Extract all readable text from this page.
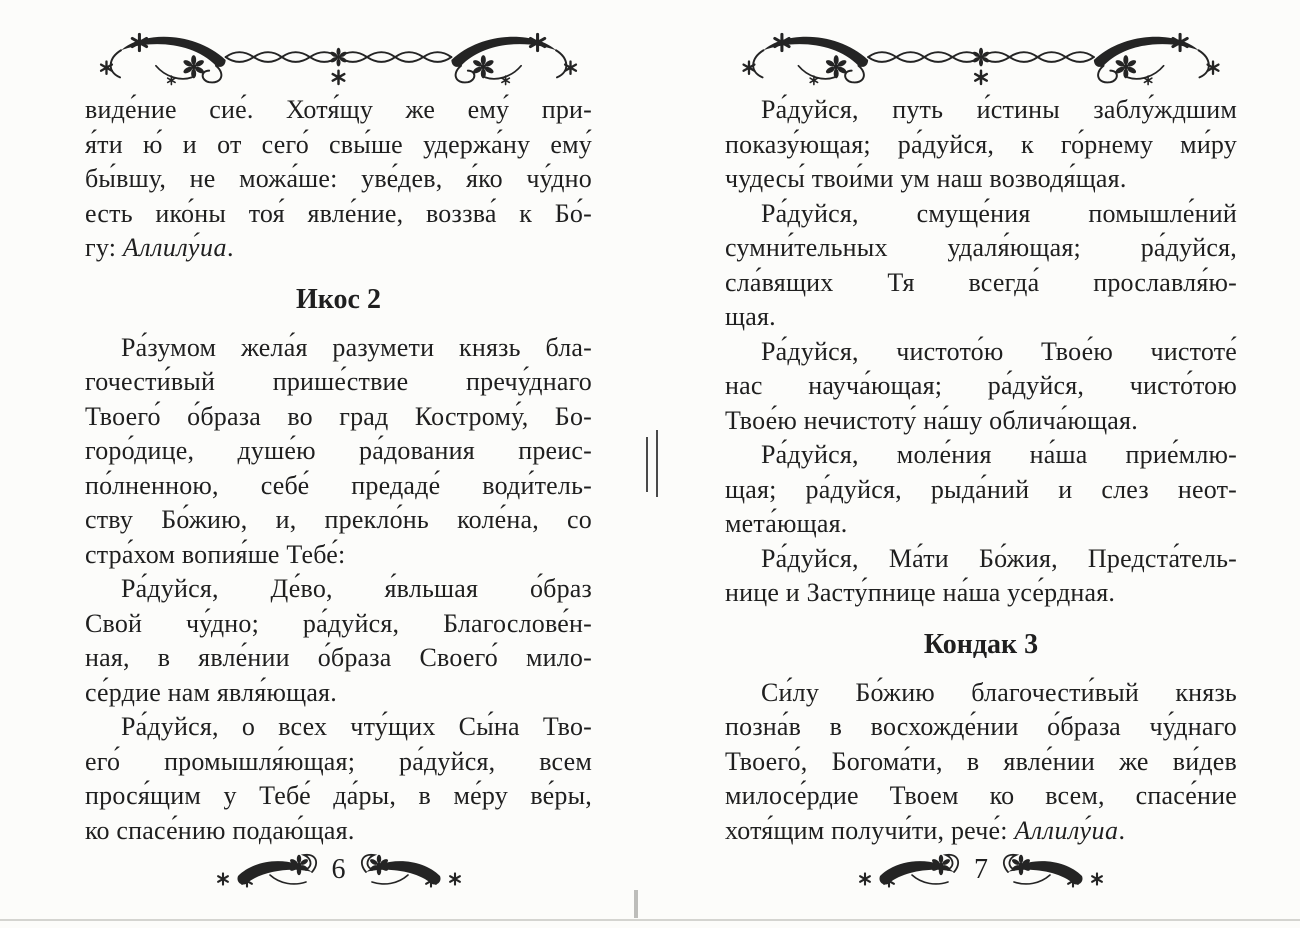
виде́ние сие́. Хотя́щу же ему́ при-
я́ти ю́ и от сего́ свы́ше удержа́ну ему́
бы́вшу, не можа́ше: уве́дев, я́ко чу́дно
есть ико́ны тоя́ явле́ние, воззва́ к Бо́-
гу: Аллилу́иа.
Икос 2
Ра́зумом жела́я разумети князь бла-
гочести́вый прише́ствие пречу́днаго
Твоего́ о́браза во град Кострому́, Бо-
горо́дице, душе́ю ра́дования преис-
по́лненною, себе́ предаде́ води́тель-
ству Бо́жию, и, прекло́нь коле́на, со
стра́хом вопия́ше Тебе́:
Ра́дуйся, Де́во, я́вльшая о́браз
Свой чу́дно; ра́дуйся, Благослове́н-
ная, в явле́нии о́браза Своего́ мило-
се́рдие нам явля́ющая.
Ра́дуйся, о всех чту́щих Сы́на Тво-
его́ промышля́ющая; ра́дуйся, всем
прося́щим у Тебе́ да́ры, в ме́ру ве́ры,
ко спасе́нию подаю́щая.
6
Ра́дуйся, путь и́стины заблу́ждшим
показу́ющая; ра́дуйся, к го́рнему ми́ру
чудесы́ твои́ми ум наш возводя́щая.
Ра́дуйся, смуще́ния помышле́ний
сумни́тельных удаля́ющая; ра́дуйся,
сла́вящих Тя всегда́ прославля́ю-
щая.
Ра́дуйся, чистото́ю Твое́ю чистоте́
нас науча́ющая; ра́дуйся, чисто́тою
Твое́ю нечистоту́ на́шу облича́ющая.
Ра́дуйся, моле́ния на́ша прие́млю-
щая; ра́дуйся, рыда́ний и слез неот-
мета́ющая.
Ра́дуйся, Ма́ти Бо́жия, Предста́тель-
нице и Засту́пнице на́ша усе́рдная.
Кондак 3
Си́лу Бо́жию благочести́вый князь
позна́в в восхожде́нии о́браза чу́днаго
Твоего́, Богома́ти, в явле́нии же ви́дев
милосе́рдие Твоем ко всем, спасе́ние
хотя́щим получи́ти, рече́: Аллилу́иа.
7
